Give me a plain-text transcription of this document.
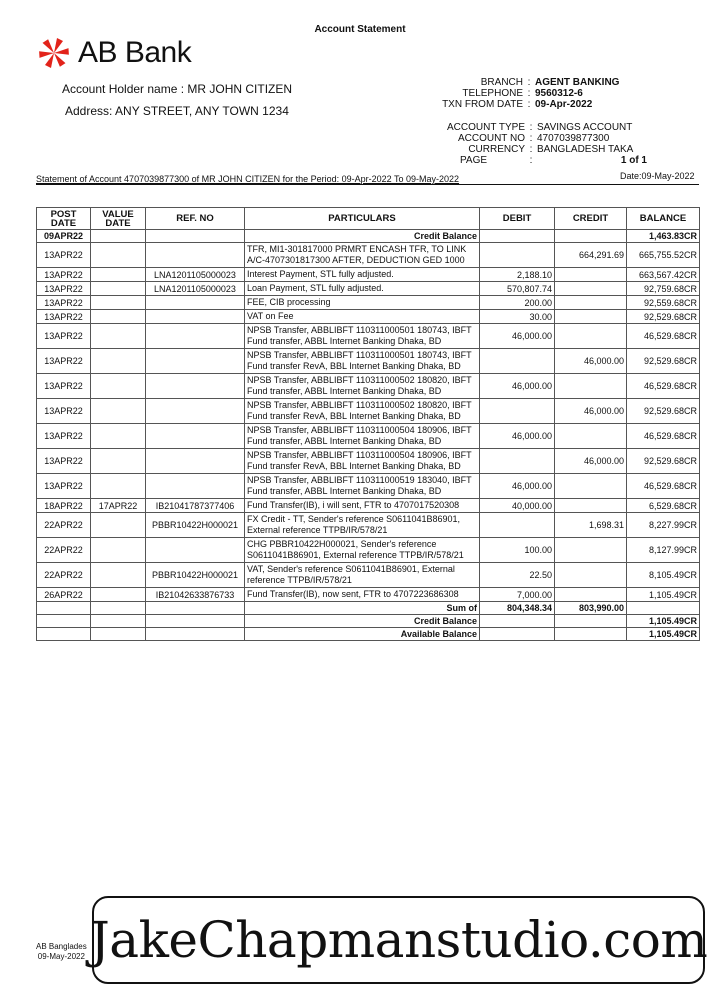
Account Statement
AB Bank
Account Holder name : MR JOHN CITIZEN
Address: ANY STREET, ANY TOWN 1234
BRANCH : AGENT BANKING
TELEPHONE : 9560312-6
TXN FROM DATE : 09-Apr-2022
ACCOUNT TYPE : SAVINGS ACCOUNT
ACCOUNT NO : 4707039877300
CURRENCY : BANGLADESH TAKA
PAGE	:	1 of 1
Statement of Account 4707039877300 of MR JOHN CITIZEN for the Period: 09-Apr-2022 To 09-May-2022	Date:09-May-2022
POST DATE	VALUE DATE	REF. NO	PARTICULARS	DEBIT	CREDIT	BALANCE
09APR22			Credit Balance			1,463.83CR
13APR22			TFR, MI1-301817000 PRMRT ENCASH TFR, TO LINK A/C-4707301817300 AFTER, DEDUCTION GED 1000		664,291.69	665,755.52CR
13APR22		LNA1201105000023	Interest Payment, STL fully adjusted.	2,188.10		663,567.42CR
13APR22		LNA1201105000023	Loan Payment, STL fully adjusted.	570,807.74		92,759.68CR
13APR22			FEE, CIB processing	200.00		92,559.68CR
13APR22			VAT on Fee	30.00		92,529.68CR
13APR22			NPSB Transfer, ABBLIBFT 110311000501 180743, IBFT Fund transfer, ABBL Internet Banking Dhaka, BD	46,000.00		46,529.68CR
13APR22			NPSB Transfer, ABBLIBFT 110311000501 180743, IBFT Fund transfer RevA, BBL Internet Banking Dhaka, BD		46,000.00	92,529.68CR
13APR22			NPSB Transfer, ABBLIBFT 110311000502 180820, IBFT Fund transfer, ABBL Internet Banking Dhaka, BD	46,000.00		46,529.68CR
13APR22			NPSB Transfer, ABBLIBFT 110311000502 180820, IBFT Fund transfer RevA, BBL Internet Banking Dhaka, BD		46,000.00	92,529.68CR
13APR22			NPSB Transfer, ABBLIBFT 110311000504 180906, IBFT Fund transfer, ABBL Internet Banking Dhaka, BD	46,000.00		46,529.68CR
13APR22			NPSB Transfer, ABBLIBFT 110311000504 180906, IBFT Fund transfer RevA, BBL Internet Banking Dhaka, BD		46,000.00	92,529.68CR
13APR22			NPSB Transfer, ABBLIBFT 110311000519 183040, IBFT Fund transfer, ABBL Internet Banking Dhaka, BD	46,000.00		46,529.68CR
18APR22	17APR22	IB21041787377406	Fund Transfer(IB), i will sent, FTR to 4707017520308	40,000.00		6,529.68CR
22APR22		PBBR10422H000021	FX Credit - TT, Sender's reference S0611041B86901, External reference TTPB/IR/578/21		1,698.31	8,227.99CR
22APR22			CHG PBBR10422H000021, Sender's reference S0611041B86901, External reference TTPB/IR/578/21	100.00		8,127.99CR
22APR22		PBBR10422H000021	VAT, Sender's reference S0611041B86901, External reference TTPB/IR/578/21	22.50		8,105.49CR
26APR22		IB21042633876733	Fund Transfer(IB), now sent, FTR to 4707223686308	7,000.00		1,105.49CR
			Sum of	804,348.34	803,990.00	
			Credit Balance			1,105.49CR
			Available Balance			1,105.49CR
AB Banglades
09-May-2022 JakeChapmanstudio.com
